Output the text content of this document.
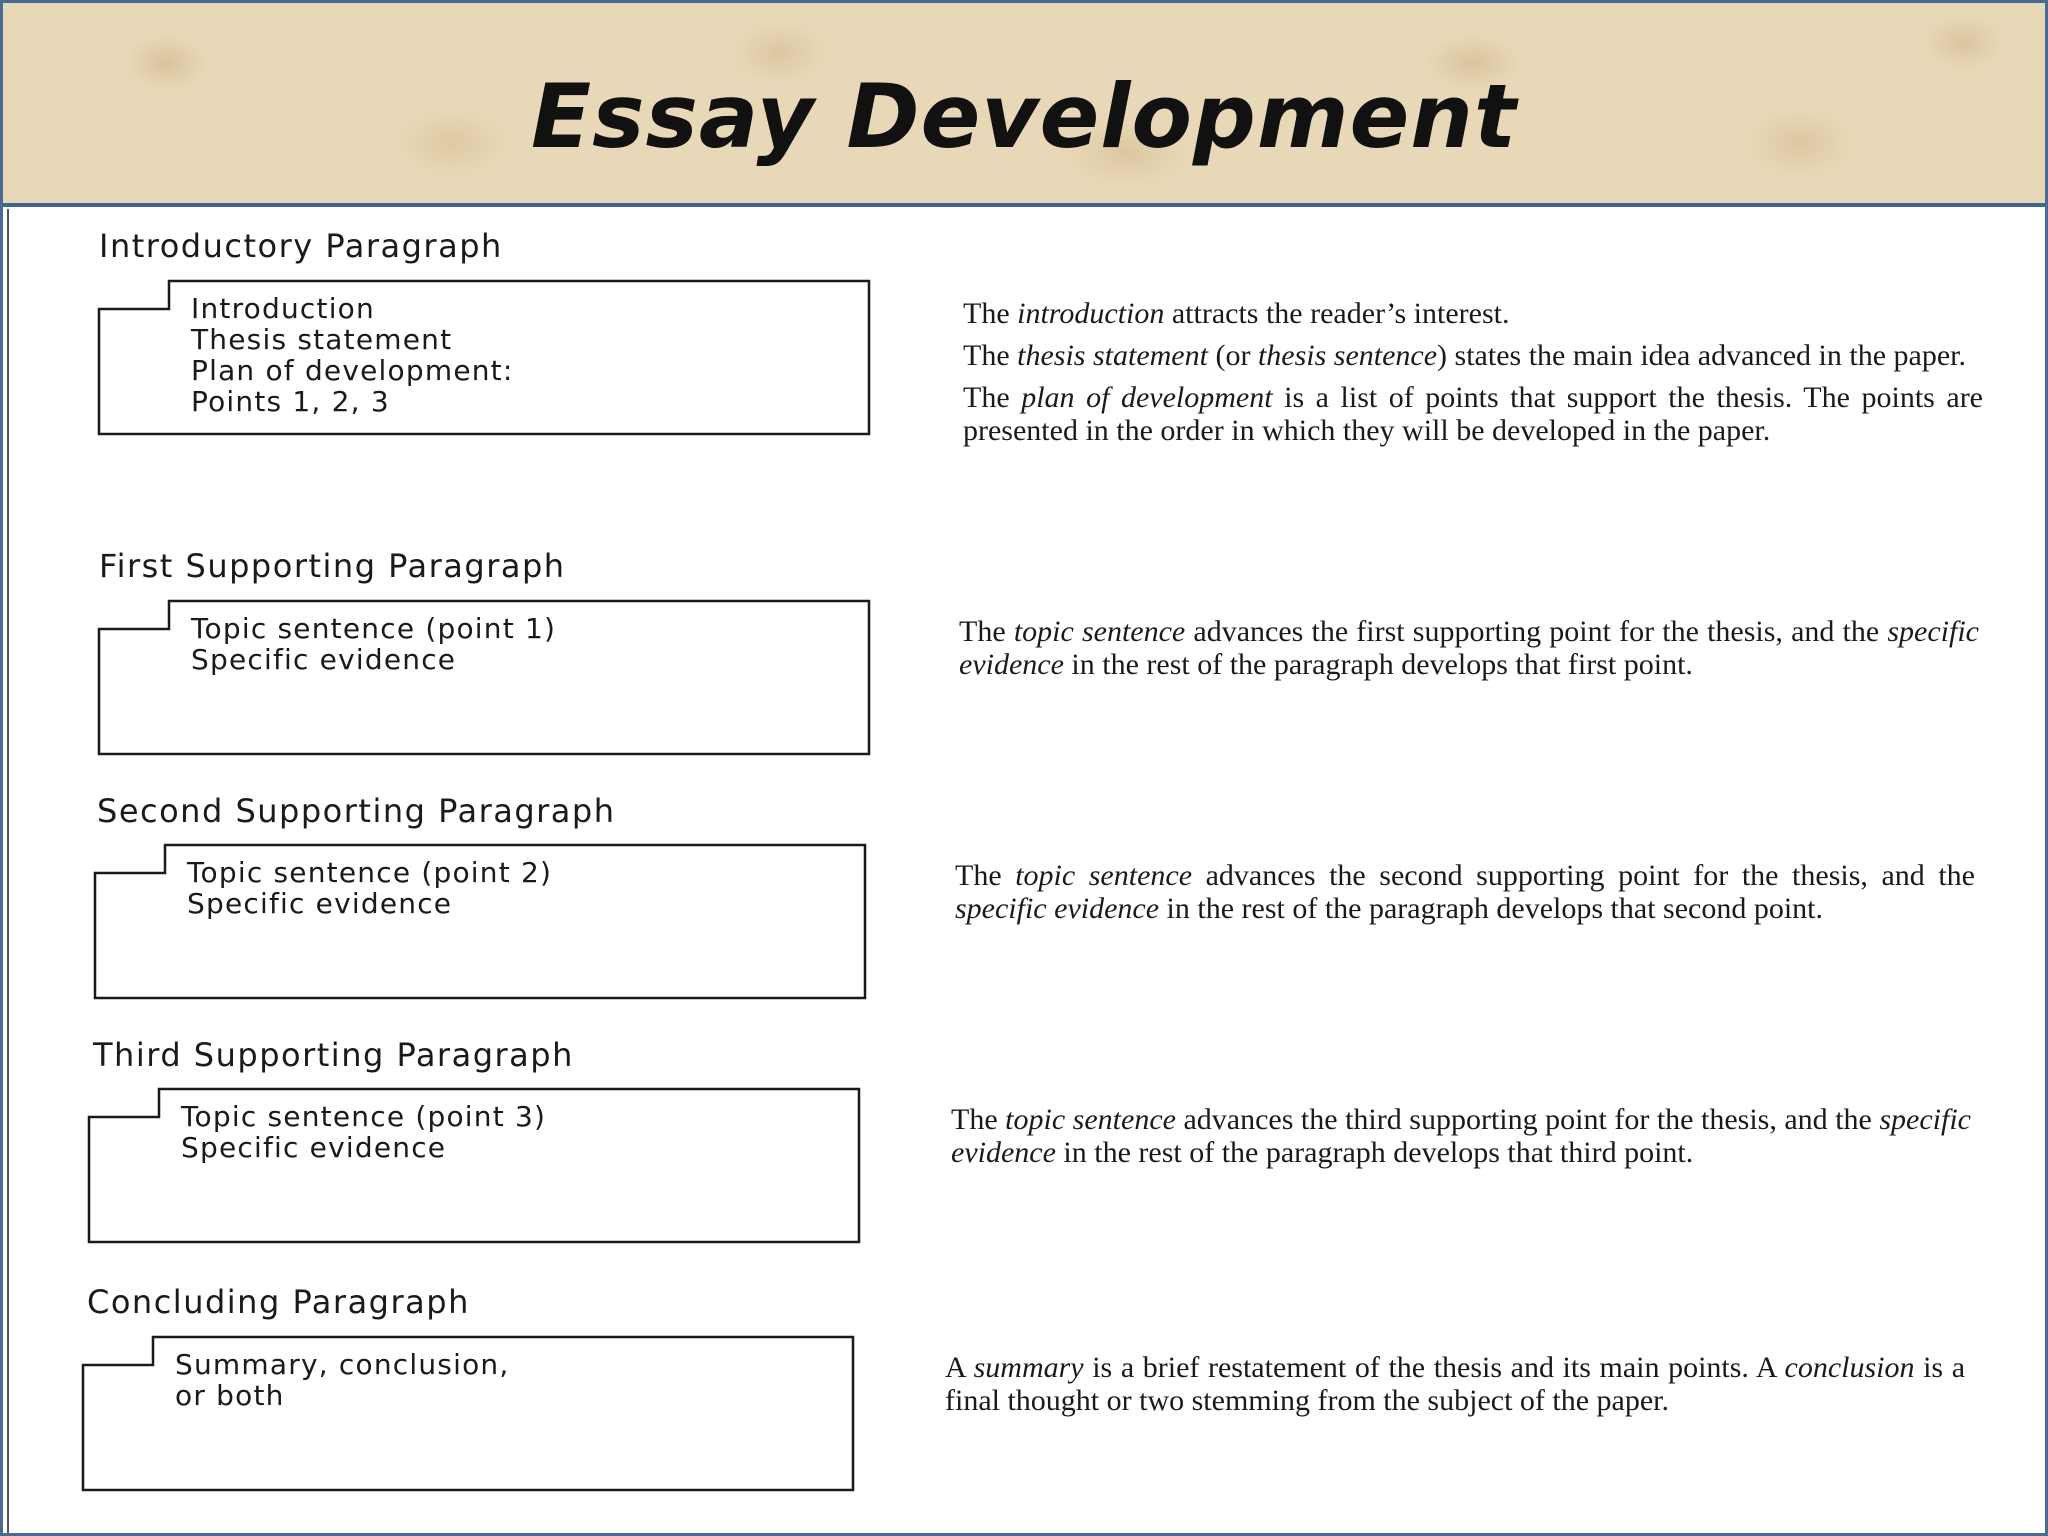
Essay Development
Introductory Paragraph
Introduction
Thesis statement
Plan of development:
Points 1, 2, 3

The introduction attracts the reader’s interest.

The thesis statement (or thesis sentence) states the main idea advanced in the paper.

The plan of development is a list of points that support the thesis. The points are presented in the order in which they will be developed in the paper.

First Supporting Paragraph
Topic sentence (point 1)
Specific evidence

The topic sentence advances the first supporting point for the thesis, and the specific evidence in the rest of the paragraph develops that first point.

Second Supporting Paragraph
Topic sentence (point 2)
Specific evidence

The topic sentence advances the second supporting point for the thesis, and the specific evidence in the rest of the paragraph develops that second point.

Third Supporting Paragraph
Topic sentence (point 3)
Specific evidence

The topic sentence advances the third supporting point for the thesis, and the specific evidence in the rest of the paragraph develops that third point.

Concluding Paragraph
Summary, conclusion,
or both

A summary is a brief restatement of the thesis and its main points. A conclusion is a final thought or two stemming from the subject of the paper.
